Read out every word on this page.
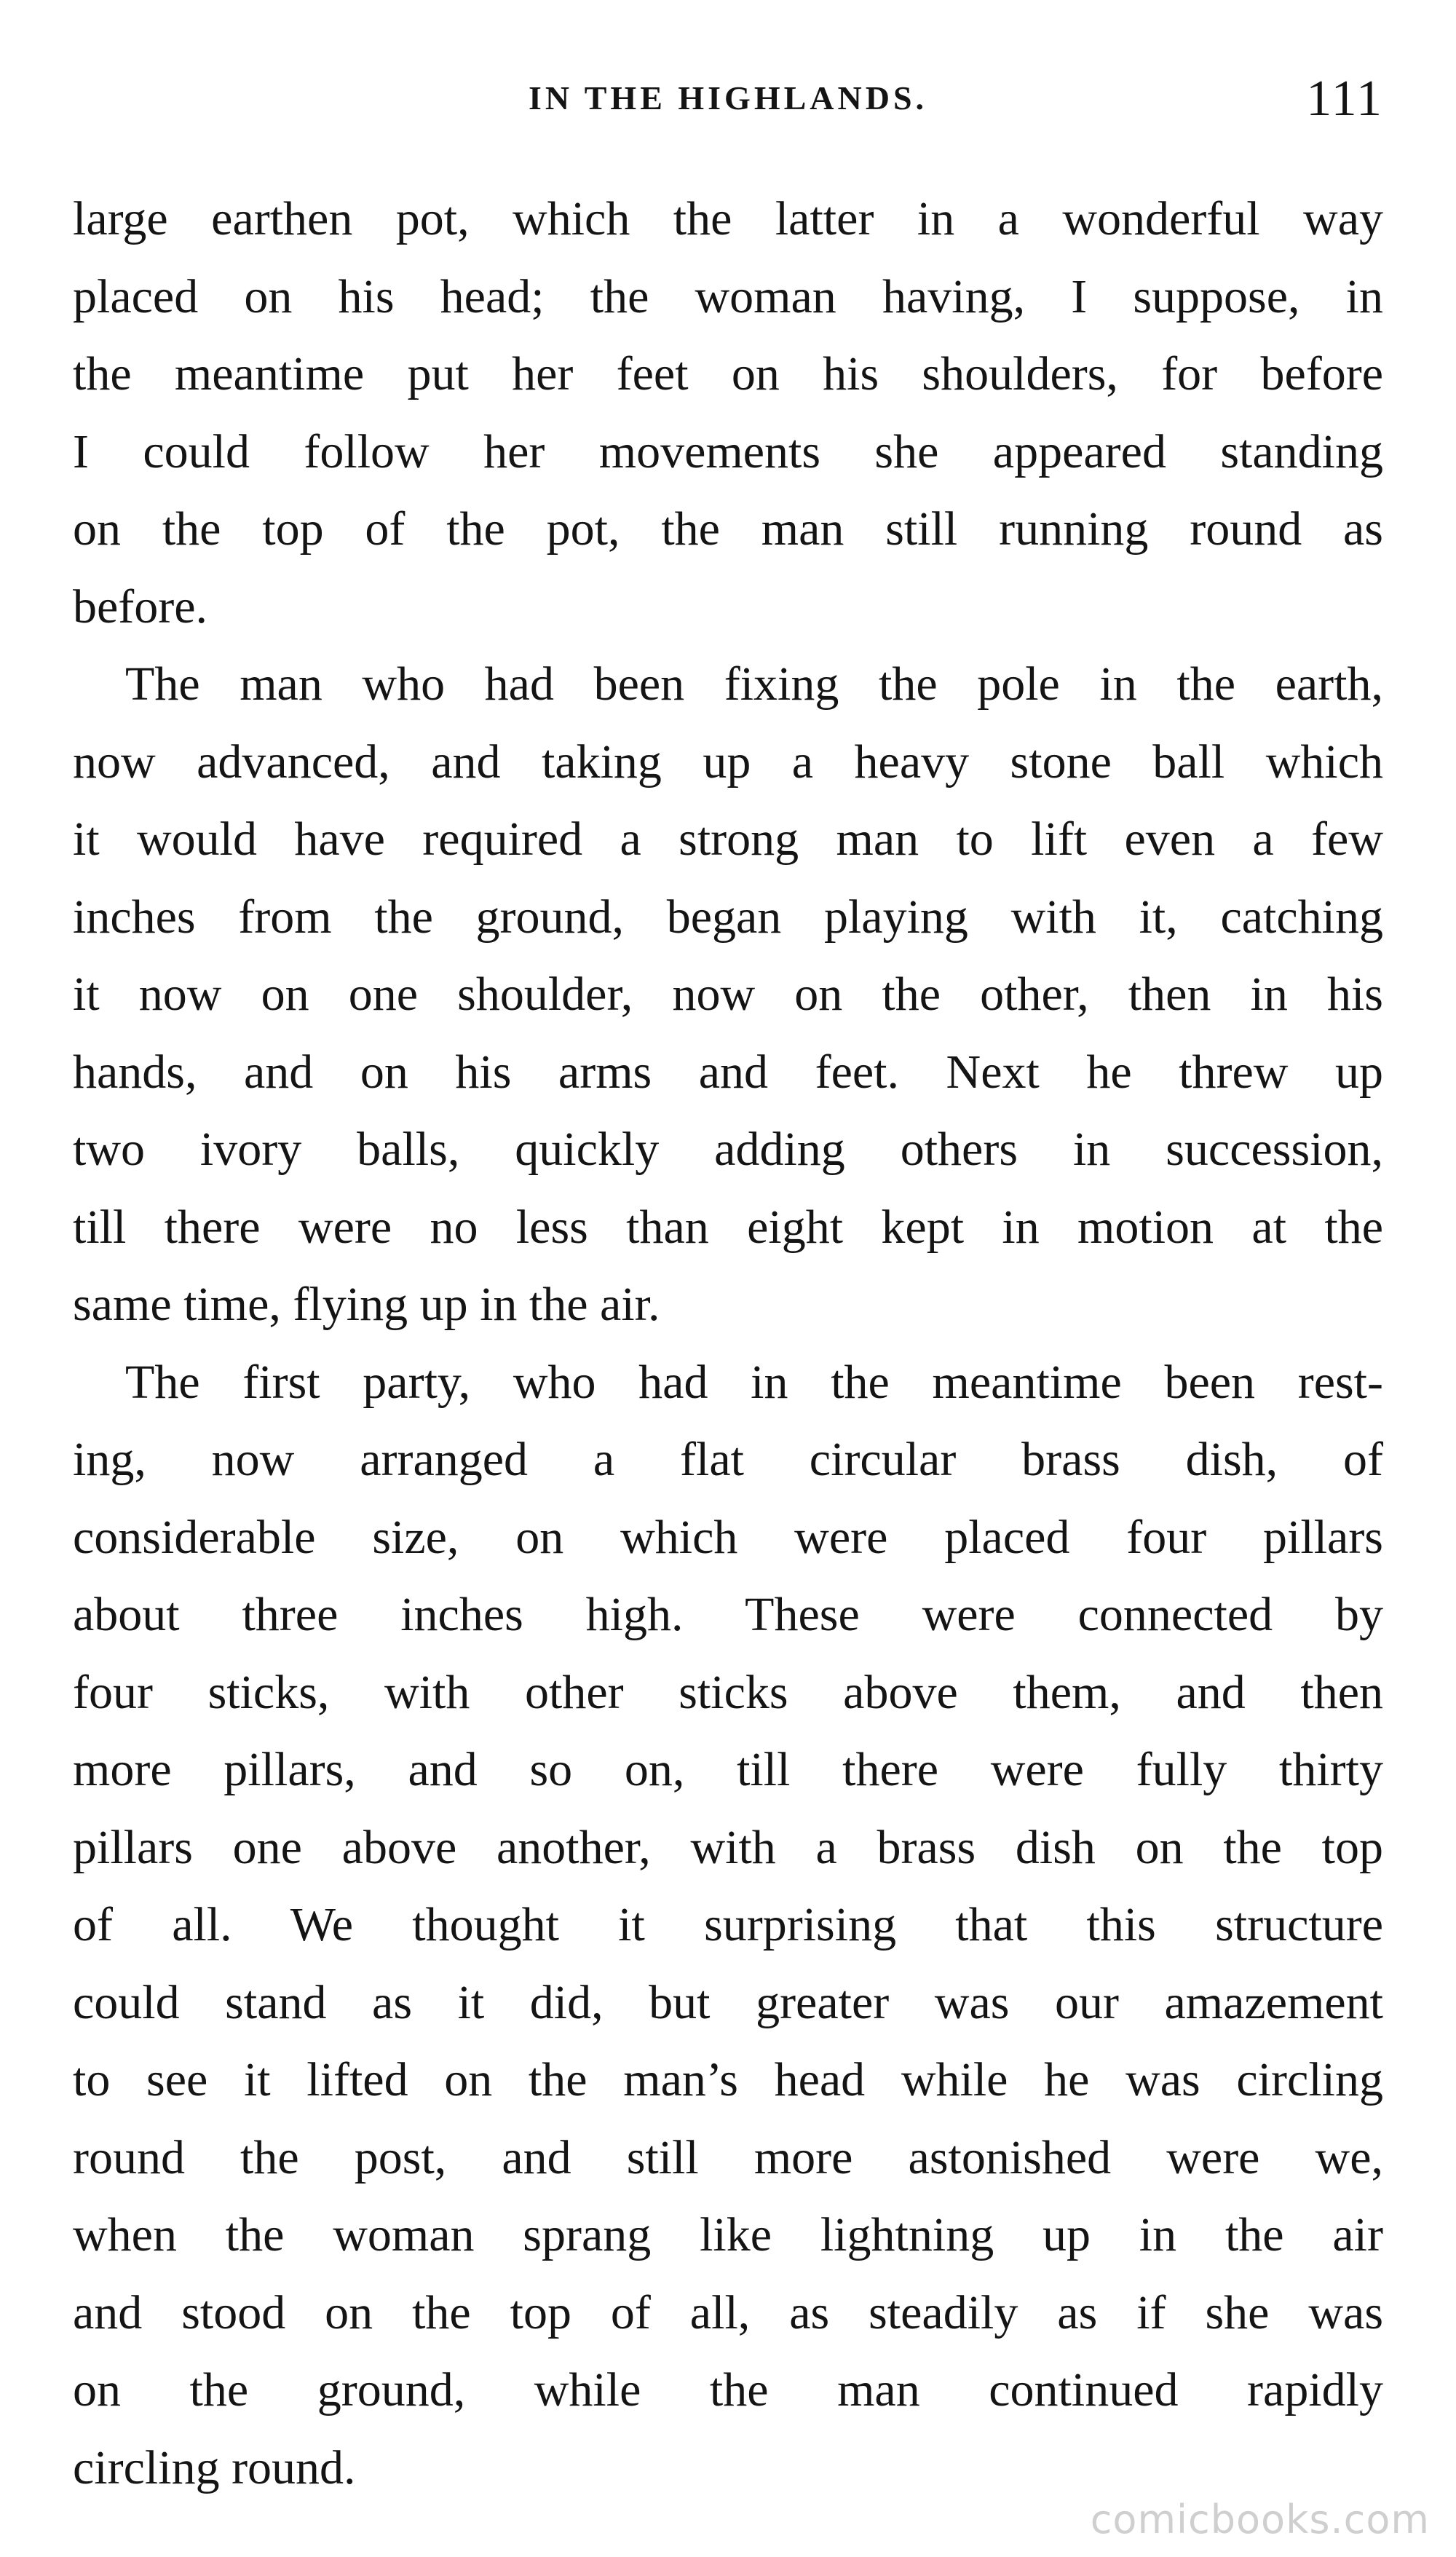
IN THE HIGHLANDS.	111
large earthen pot, which the latter in a wonderful way
placed on his head; the woman having, I suppose, in
the meantime put her feet on his shoulders, for before
I could follow her movements she appeared standing
on the top of the pot, the man still running round as
before.
The man who had been fixing the pole in the earth,
now advanced, and taking up a heavy stone ball which
it would have required a strong man to lift even a few
inches from the ground, began playing with it, catching
it now on one shoulder, now on the other, then in his
hands, and on his arms and feet. Next he threw up
two ivory balls, quickly adding others in succession,
till there were no less than eight kept in motion at the
same time, flying up in the air.
The first party, who had in the meantime been rest-
ing, now arranged a flat circular brass dish, of
considerable size, on which were placed four pillars
about three inches high. These were connected by
four sticks, with other sticks above them, and then
more pillars, and so on, till there were fully thirty
pillars one above another, with a brass dish on the top
of all. We thought it surprising that this structure
could stand as it did, but greater was our amazement
to see it lifted on the man’s head while he was circling
round the post, and still more astonished were we,
when the woman sprang like lightning up in the air
and stood on the top of all, as steadily as if she was
on the ground, while the man continued rapidly
circling round.
comicbooks.com
